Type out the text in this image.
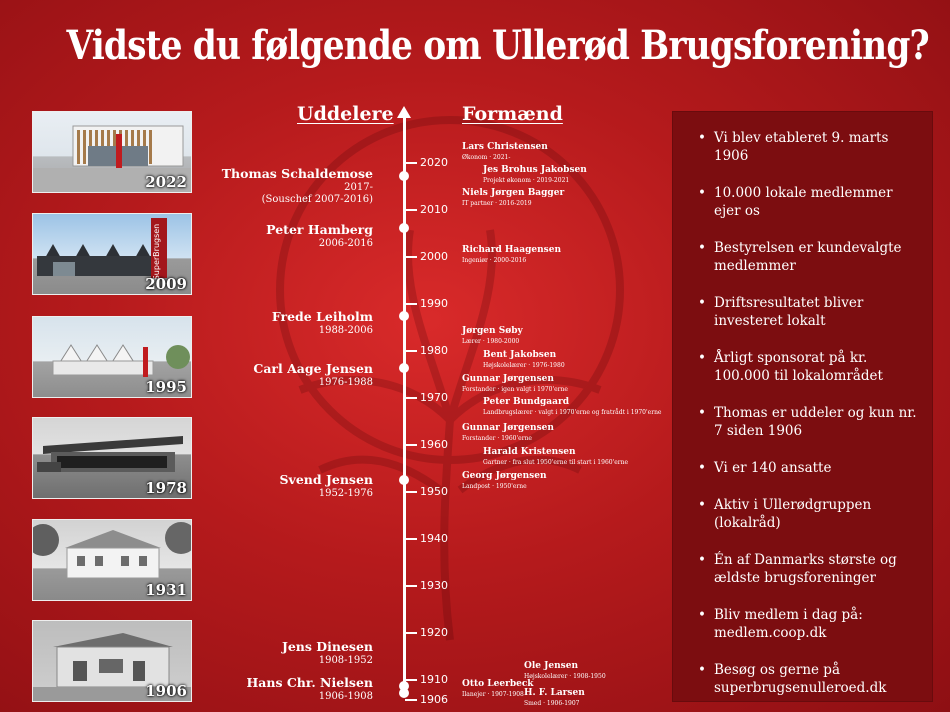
Vidste du følgende om Ullerød Brugsforening?
2022
SuperBrugsen
2009
1995
1978
1931
1906
Uddelere	Formænd
2020
2010
2000
1990
1980
1970
1960
1950
1940
1930
1920
1910
1906
Thomas Schaldemose
2017-
(Souschef 2007-2016)
Peter Hamberg
2006-2016
Frede Leiholm
1988-2006
Carl Aage Jensen
1976-1988
Svend Jensen
1952-1976
Jens Dinesen
1908-1952
Hans Chr. Nielsen
1906-1908
Lars Christensen
Økonom · 2021-
Jes Brohus Jakobsen
Projekt økonom · 2019-2021
Niels Jørgen Bagger
IT partner · 2016-2019
Richard Haagensen
Ingeniør · 2000-2016
Jørgen Søby
Lærer · 1980-2000
Bent Jakobsen
Højskolelærer · 1976-1980
Gunnar Jørgensen
Forstander · igen valgt i 1970'erne
Peter Bundgaard
Landbrugslærer · valgt i 1970'erne og fratrådt i 1970'erne
Gunnar Jørgensen
Forstander · 1960'erne
Harald Kristensen
Gartner · fra slut 1950'erne til start i 1960'erne
Georg Jørgensen
Landpost · 1950'erne
Ole Jensen
Højskolelærer · 1908-1950
Otto Leerbeck
Ilanejer · 1907-1908 H. F. Larsen
Smed · 1906-1907
• Vi blev etableret 9. marts 1906
• 10.000 lokale medlemmer ejer os
• Bestyrelsen er kundevalgte medlemmer
• Driftsresultatet bliver investeret lokalt
• Årligt sponsorat på kr. 100.000 til lokalområdet
• Thomas er uddeler og kun nr. 7 siden 1906
• Vi er 140 ansatte
• Aktiv i Ullerødgruppen (lokalråd)
• Én af Danmarks største og ældste brugsforeninger
• Bliv medlem i dag på: medlem.coop.dk
• Besøg os gerne på superbrugsenulleroed.dk
